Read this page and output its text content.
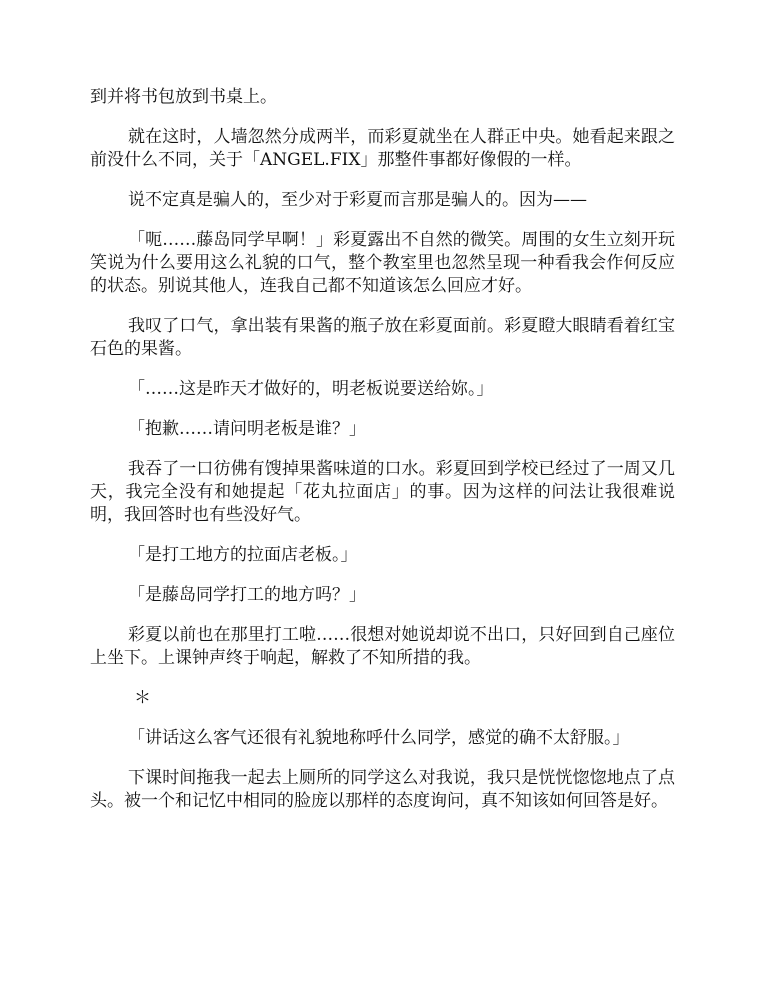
到并将书包放到书桌上。

就在这时，人墙忽然分成两半，而彩夏就坐在人群正中央。她看起来跟之前没什么不同，关于「ANGEL.FIX」那整件事都好像假的一样。

说不定真是骗人的，至少对于彩夏而言那是骗人的。因为——

「呃……藤岛同学早啊！」彩夏露出不自然的微笑。周围的女生立刻开玩笑说为什么要用这么礼貌的口气，整个教室里也忽然呈现一种看我会作何反应的状态。别说其他人，连我自己都不知道该怎么回应才好。

我叹了口气，拿出装有果酱的瓶子放在彩夏面前。彩夏瞪大眼睛看着红宝石色的果酱。

「……这是昨天才做好的，明老板说要送给妳。」

「抱歉……请问明老板是谁？」

我吞了一口彷佛有馊掉果酱味道的口水。彩夏回到学校已经过了一周又几天，我完全没有和她提起「花丸拉面店」的事。因为这样的问法让我很难说明，我回答时也有些没好气。

「是打工地方的拉面店老板。」

「是藤岛同学打工的地方吗？」

彩夏以前也在那里打工啦……很想对她说却说不出口，只好回到自己座位上坐下。上课钟声终于响起，解救了不知所措的我。

＊

「讲话这么客气还很有礼貌地称呼什么同学，感觉的确不太舒服。」

下课时间拖我一起去上厕所的同学这么对我说，我只是恍恍惚惚地点了点头。被一个和记忆中相同的脸庞以那样的态度询问，真不知该如何回答是好。
